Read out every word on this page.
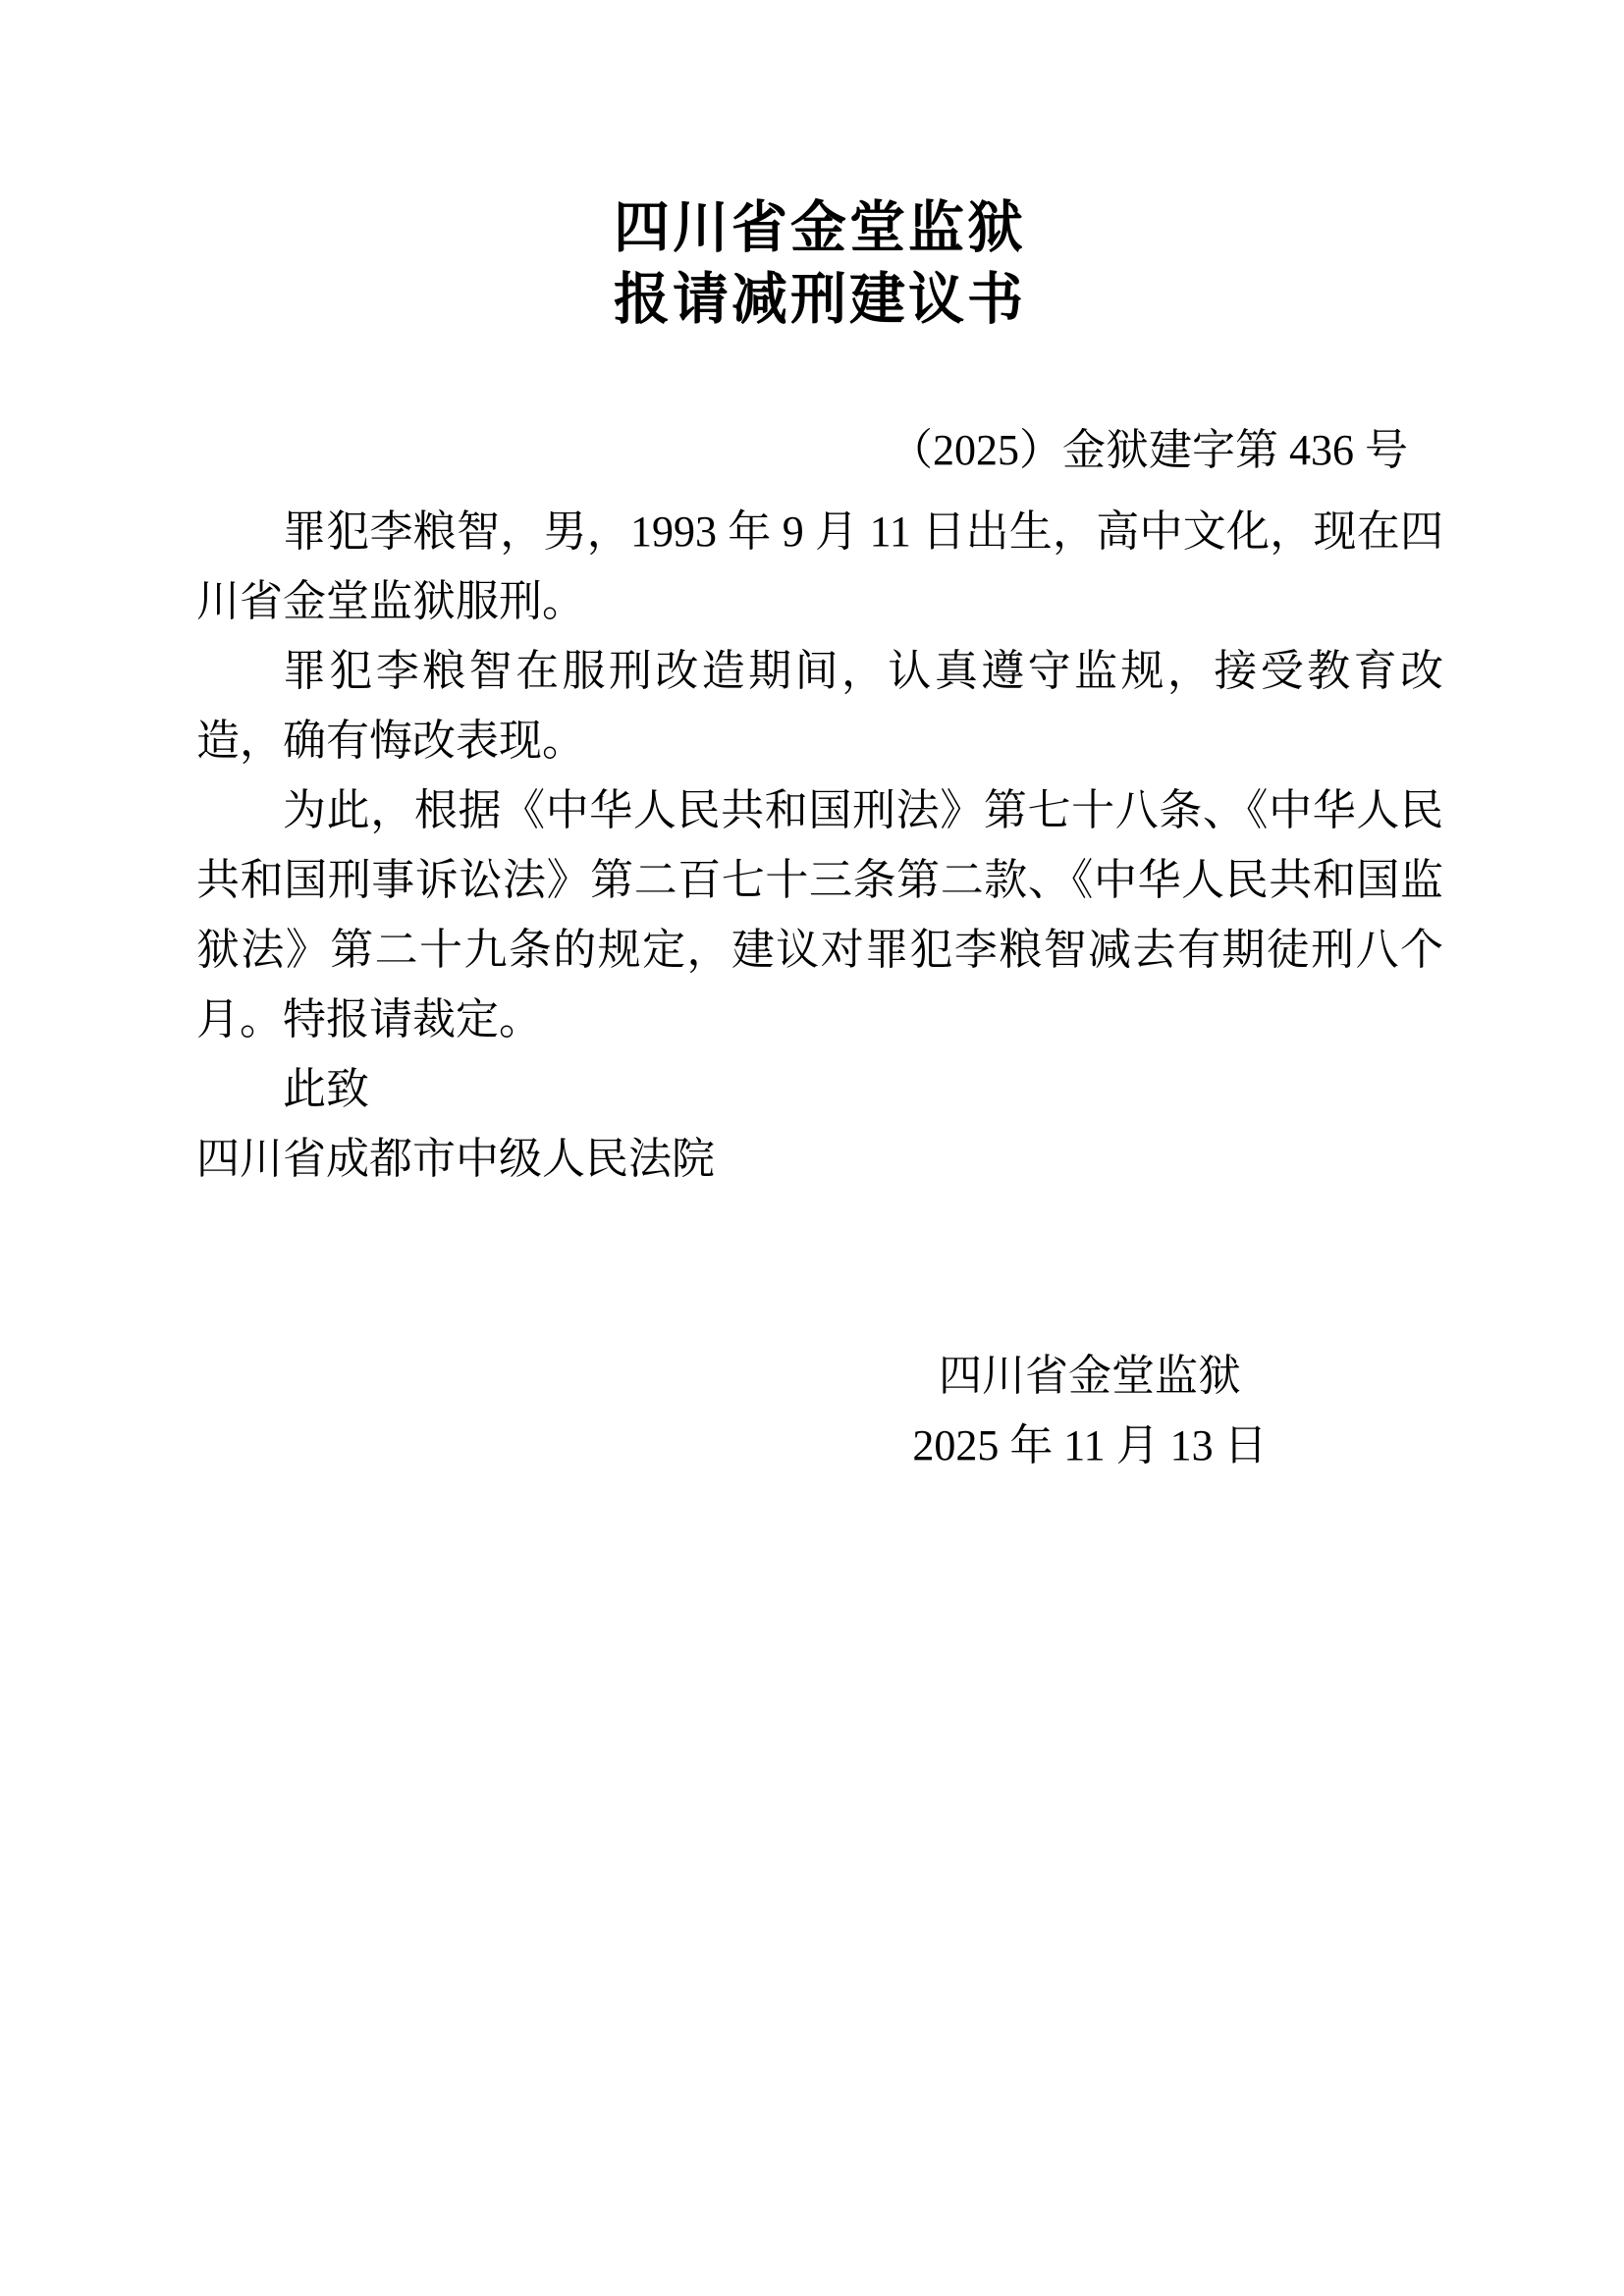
四川省金堂监狱
报请减刑建议书
（2025）金狱建字第 436 号

罪犯李粮智，男，1993 年 9 月 11 日出生，高中文化，现在四川省金堂监狱服刑。

罪犯李粮智在服刑改造期间，认真遵守监规，接受教育改造，确有悔改表现。

为此，根据《中华人民共和国刑法》第七十八条、《中华人民共和国刑事诉讼法》第二百七十三条第二款、《中华人民共和国监狱法》第二十九条的规定，建议对罪犯李粮智减去有期徒刑八个月。特报请裁定。

此致

四川省成都市中级人民法院

四川省金堂监狱
2025 年 11 月 13 日
